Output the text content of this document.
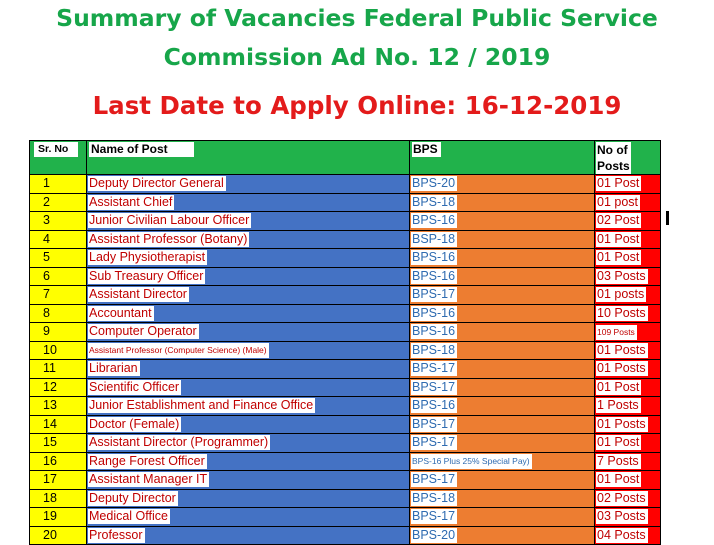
Summary of Vacancies Federal Public Service
Commission Ad No. 12 / 2019
Last Date to Apply Online: 16-12-2019
Sr. No	Name of Post	BPS	No of
Posts
1	Deputy Director General	BPS-20	01 Post
2	Assistant Chief	BPS-18	01 post
3	Junior Civilian Labour Officer	BPS-16	02 Post
4	Assistant Professor (Botany)	BSP-18	01 Post
5	Lady Physiotherapist	BPS-16	01 Post
6	Sub Treasury Officer	BPS-16	03 Posts
7	Assistant Director	BPS-17	01 posts
8	Accountant	BPS-16	10 Posts
9	Computer Operator	BPS-16	109 Posts
10	Assistant Professor (Computer Science) (Male)	BPS-18	01 Posts
11	Librarian	BPS-17	01 Posts
12	Scientific Officer	BPS-17	01 Post
13	Junior Establishment and Finance Office	BPS-16	1 Posts
14	Doctor (Female)	BPS-17	01 Posts
15	Assistant Director (Programmer)	BPS-17	01 Post
16	Range Forest Officer	BPS-16 Plus 25% Special Pay)	7 Posts
17	Assistant Manager IT	BPS-17	01 Post
18	Deputy Director	BPS-18	02 Posts
19	Medical Office	BPS-17	03 Posts
20	Professor	BPS-20	04 Posts
